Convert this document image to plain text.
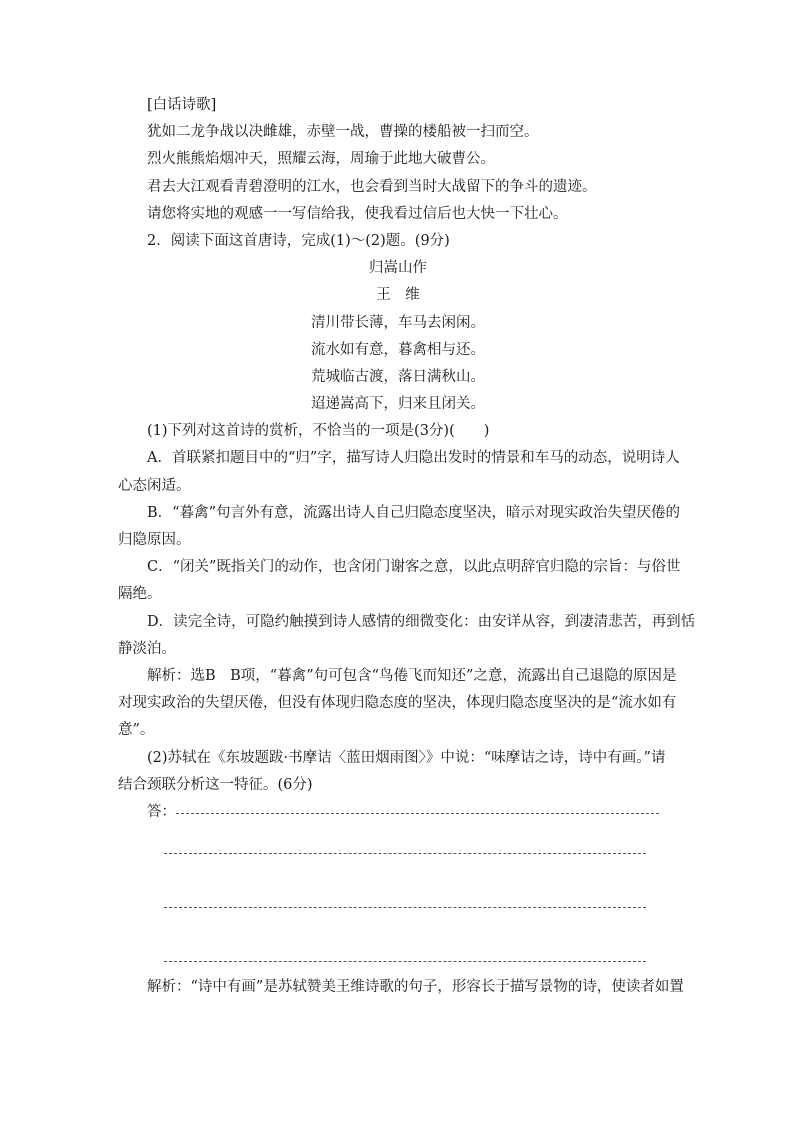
[白话诗歌]
犹如二龙争战以决雌雄，赤壁一战，曹操的楼船被一扫而空。
烈火熊熊焰烟冲天，照耀云海，周瑜于此地大破曹公。
君去大江观看青碧澄明的江水，也会看到当时大战留下的争斗的遗迹。
请您将实地的观感一一写信给我，使我看过信后也大快一下壮心。
2．阅读下面这首唐诗，完成(1)～(2)题。(9分)
归嵩山作
王　维
清川带长薄，车马去闲闲。
流水如有意，暮禽相与还。
荒城临古渡，落日满秋山。
迢递嵩高下，归来且闭关。
(1)下列对这首诗的赏析，不恰当的一项是(3分)(　　)
A．首联紧扣题目中的“归”字，描写诗人归隐出发时的情景和车马的动态，说明诗人
心态闲适。
B．“暮禽”句言外有意，流露出诗人自己归隐态度坚决，暗示对现实政治失望厌倦的
归隐原因。
C．“闭关”既指关门的动作，也含闭门谢客之意，以此点明辞官归隐的宗旨：与俗世
隔绝。
D．读完全诗，可隐约触摸到诗人感情的细微变化：由安详从容，到凄清悲苦，再到恬
静淡泊。
解析：选B　B项，“暮禽”句可包含“鸟倦飞而知还”之意，流露出自己退隐的原因是
对现实政治的失望厌倦，但没有体现归隐态度的坚决，体现归隐态度坚决的是“流水如有
意”。
(2)苏轼在《东坡题跋·书摩诘〈蓝田烟雨图〉》中说：“味摩诘之诗，诗中有画。”请
结合颈联分析这一特征。(6分)
答：
解析：“诗中有画”是苏轼赞美王维诗歌的句子，形容长于描写景物的诗，使读者如置
